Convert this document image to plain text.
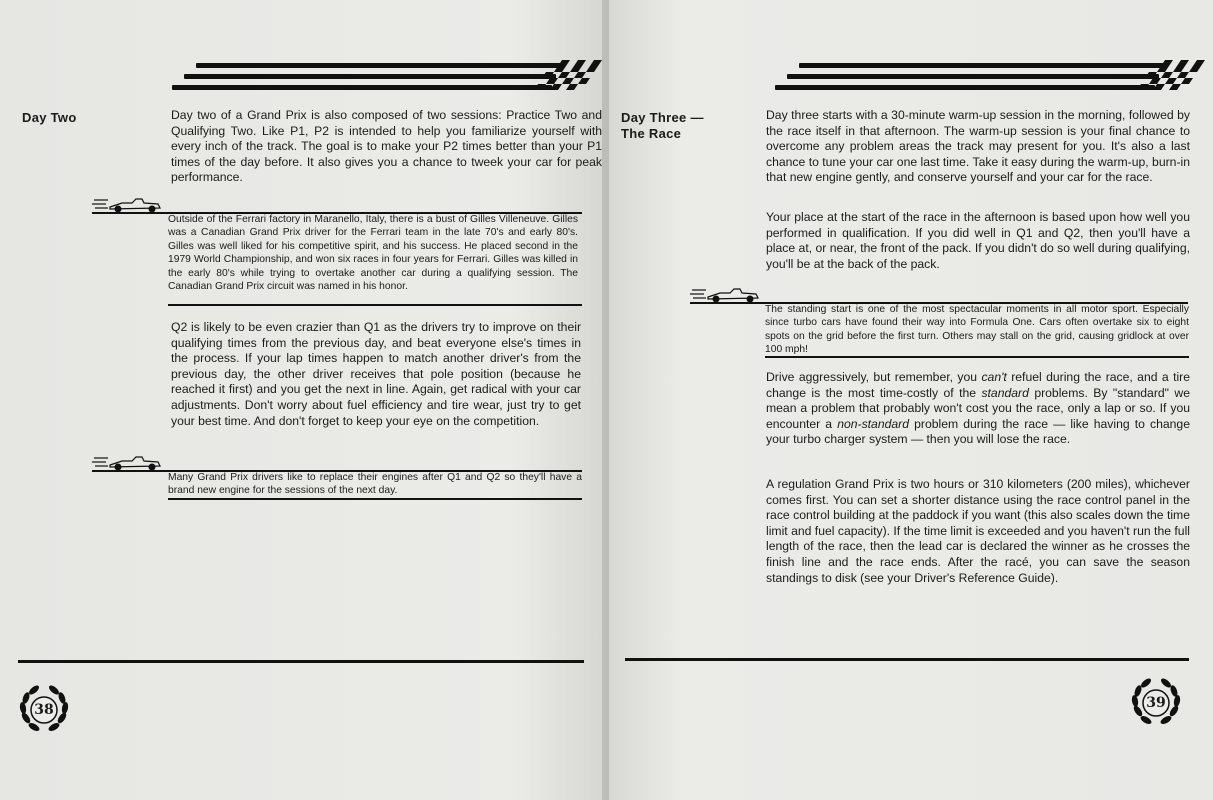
Day Two	Day two of a Grand Prix is also composed of two sessions: Practice Two and Qualifying Two. Like P1, P2 is intended to help you familiarize yourself with every inch of the track. The goal is to make your P2 times better than your P1 times of the day before. It also gives you a chance to tweek your car for peak performance.
Outside of the Ferrari factory in Maranello, Italy, there is a bust of Gilles Villeneuve. Gilles was a Canadian Grand Prix driver for the Ferrari team in the late 70's and early 80's. Gilles was well liked for his competitive spirit, and his success. He placed second in the 1979 World Championship, and won six races in four years for Ferrari. Gilles was killed in the early 80's while trying to overtake another car during a qualifying session. The Canadian Grand Prix circuit was named in his honor.
Q2 is likely to be even crazier than Q1 as the drivers try to improve on their qualifying times from the previous day, and beat everyone else's times in the process. If your lap times happen to match another driver's from the previous day, the other driver receives that pole position (because he reached it first) and you get the next in line. Again, get radical with your car adjustments. Don't worry about fuel efficiency and tire wear, just try to get your best time. And don't forget to keep your eye on the competition.
Many Grand Prix drivers like to replace their engines after Q1 and Q2 so they'll have a brand new engine for the sessions of the next day.
38
Day Three —
The Race
Day three starts with a 30-minute warm-up session in the morning, followed by the race itself in that afternoon. The warm-up session is your final chance to overcome any problem areas the track may present for you. It's also a last chance to tune your car one last time. Take it easy during the warm-up, burn-in that new engine gently, and conserve yourself and your car for the race.
Your place at the start of the race in the afternoon is based upon how well you performed in qualification. If you did well in Q1 and Q2, then you'll have a place at, or near, the front of the pack. If you didn't do so well during qualifying, you'll be at the back of the pack.
The standing start is one of the most spectacular moments in all motor sport. Especially since turbo cars have found their way into Formula One. Cars often overtake six to eight spots on the grid before the first turn. Others may stall on the grid, causing gridlock at over 100 mph!
Drive aggressively, but remember, you can't refuel during the race, and a tire change is the most time-costly of the standard problems. By "standard" we mean a problem that probably won't cost you the race, only a lap or so. If you encounter a non-standard problem during the race — like having to change your turbo charger system — then you will lose the race.
A regulation Grand Prix is two hours or 310 kilometers (200 miles), whichever comes first. You can set a shorter distance using the race control panel in the race control building at the paddock if you want (this also scales down the time limit and fuel capacity). If the time limit is exceeded and you haven't run the full length of the race, then the lead car is declared the winner as he crosses the finish line and the race ends. After the racé, you can save the season standings to disk (see your Driver's Reference Guide).
39
